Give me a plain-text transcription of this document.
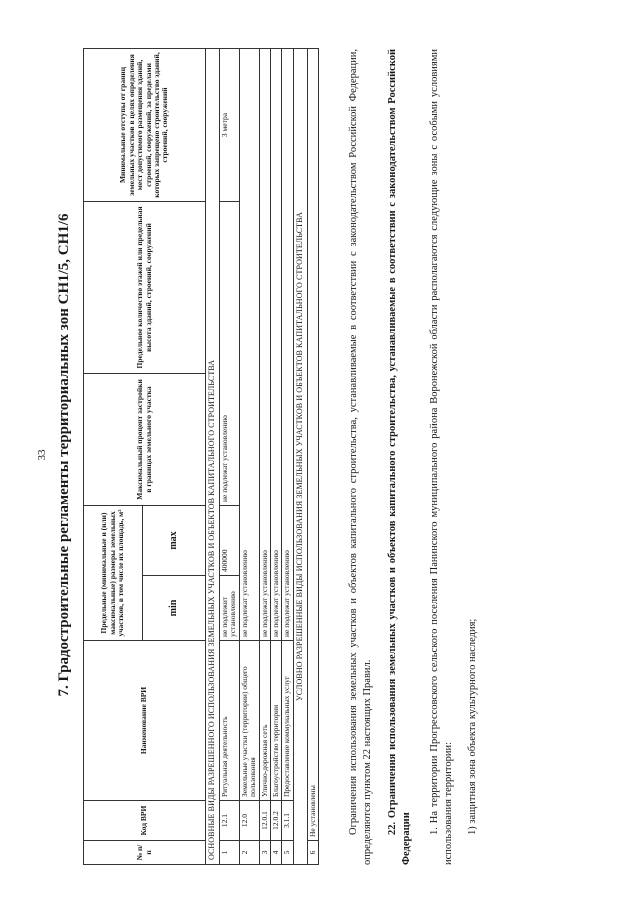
33 7. Градостроительные регламенты территориальных зон СН1/5, СН1/6
№ п/п	Код ВРИ	Наименование ВРИ	Предельные (минимальные и (или) максимальные) размеры земельных участков, в том числе их площадь, м²		Максимальный процент застройки в границах земельного участка	Предельное количество этажей или предельная высота зданий, строений, сооружений	Минимальные отступы от границ земельных участков в целях определения мест допустимого размещения зданий, строений, сооружений, за пределами которых запрещено строительство зданий, строений, сооружений
			min	max			
ОСНОВНЫЕ ВИДЫ РАЗРЕШЕННОГО ИСПОЛЬЗОВАНИЯ ЗЕМЕЛЬНЫХ УЧАСТКОВ И ОБЪЕКТОВ КАПИТАЛЬНОГО СТРОИТЕЛЬСТВА							
1	12.1	Ритуальная деятельность	не подлежит установлению	400000	не подлежат установлению		3 метра
2	12.0	Земельные участки (территории) общего пользования	не подлежат установлению				
3	12.0.1	Улично-дорожная сеть	не подлежат установлению				
4	12.0.2	Благоустройство территории	не подлежат установлению				
5	3.1.1	Предоставление коммунальных услуг	не подлежат установлению				
УСЛОВНО РАЗРЕШЕННЫЕ ВИДЫ ИСПОЛЬЗОВАНИЯ ЗЕМЕЛЬНЫХ УЧАСТКОВ И ОБЪЕКТОВ КАПИТАЛЬНОГО СТРОИТЕЛЬСТВА							
6	Не установлены							Ограничения использования земельных участков и объектов капитального строительства, устанавливаемые в соответствии с законодательством Российской Федерации, определяются пунктом 22 настоящих Правил. 22. Ограничения использования земельных участков и объектов капитального строительства, устанавливаемые в соответствии с законодательством Российской Федерации
1. На территории Прогрессовского сельского поселения Панинского муниципального района Воронежской области располагаются следующие зоны с особыми условиями использования территории: 1) защитная зона объекта культурного наследия;
